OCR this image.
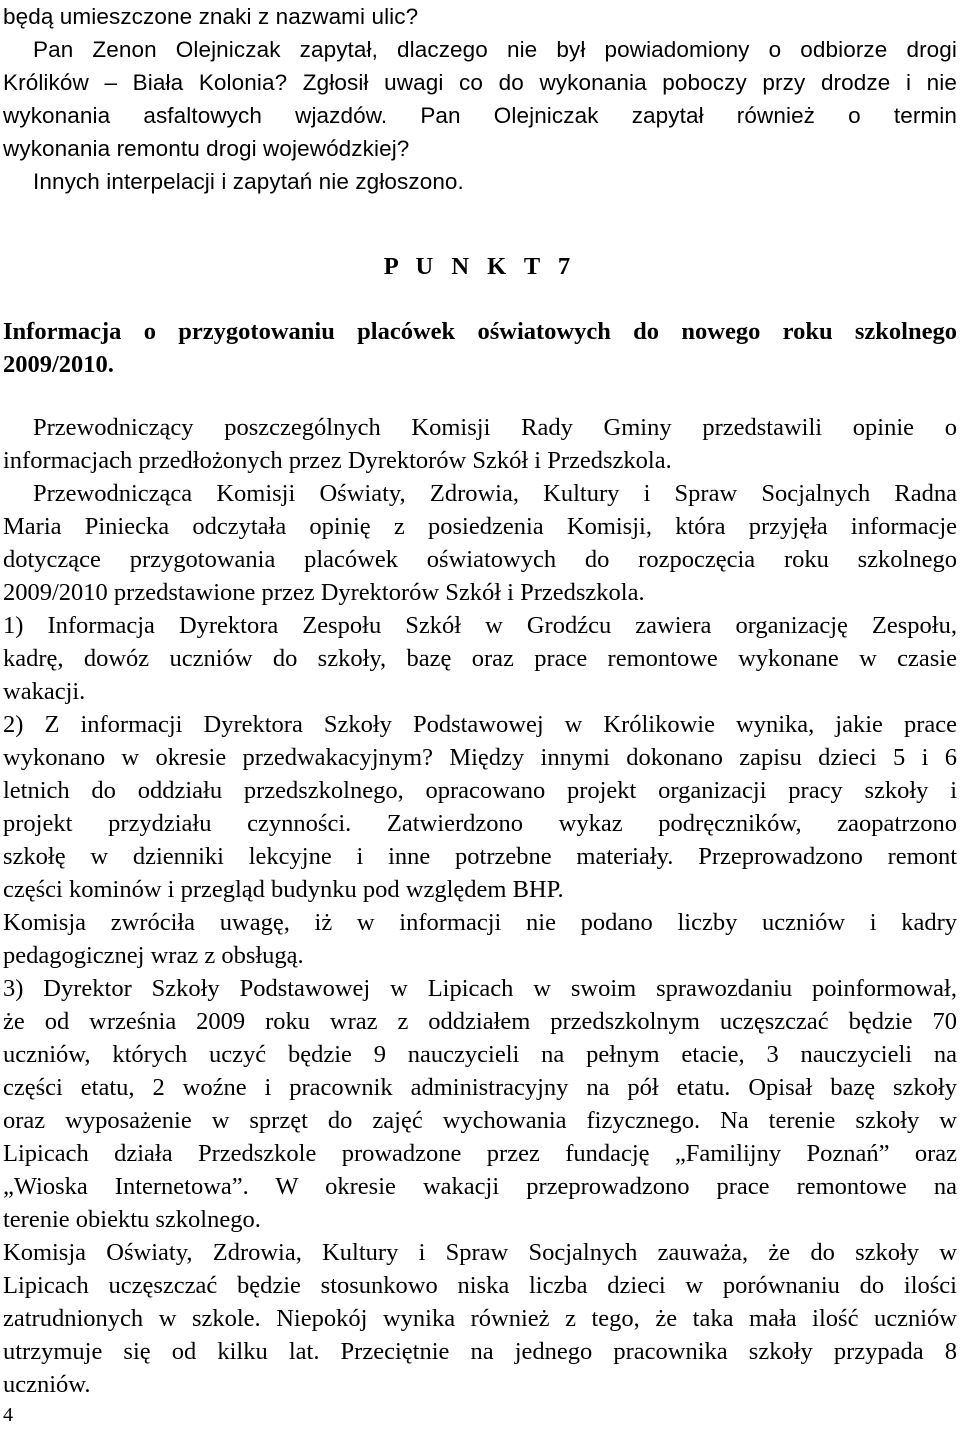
będą umieszczone znaki z nazwami ulic?
Pan Zenon Olejniczak zapytał, dlaczego nie był powiadomiony o odbiorze drogi
Królików – Biała Kolonia? Zgłosił uwagi co do wykonania poboczy przy drodze i nie
wykonania asfaltowych wjazdów. Pan Olejniczak zapytał również o termin
wykonania remontu drogi wojewódzkiej?
Innych interpelacji i zapytań nie zgłoszono.
P U N K T 7
Informacja o przygotowaniu placówek oświatowych do nowego roku szkolnego
2009/2010.
Przewodniczący poszczególnych Komisji Rady Gminy przedstawili opinie o
informacjach przedłożonych przez Dyrektorów Szkół i Przedszkola.
Przewodnicząca Komisji Oświaty, Zdrowia, Kultury i Spraw Socjalnych Radna
Maria Piniecka odczytała opinię z posiedzenia Komisji, która przyjęła informacje
dotyczące przygotowania placówek oświatowych do rozpoczęcia roku szkolnego
2009/2010 przedstawione przez Dyrektorów Szkół i Przedszkola.
1) Informacja Dyrektora Zespołu Szkół w Grodźcu zawiera organizację Zespołu,
kadrę, dowóz uczniów do szkoły, bazę oraz prace remontowe wykonane w czasie
wakacji.
2) Z informacji Dyrektora Szkoły Podstawowej w Królikowie wynika, jakie prace
wykonano w okresie przedwakacyjnym? Między innymi dokonano zapisu dzieci 5 i 6
letnich do oddziału przedszkolnego, opracowano projekt organizacji pracy szkoły i
projekt przydziału czynności. Zatwierdzono wykaz podręczników, zaopatrzono
szkołę w dzienniki lekcyjne i inne potrzebne materiały. Przeprowadzono remont
części kominów i przegląd budynku pod względem BHP.
Komisja zwróciła uwagę, iż w informacji nie podano liczby uczniów i kadry
pedagogicznej wraz z obsługą.
3) Dyrektor Szkoły Podstawowej w Lipicach w swoim sprawozdaniu poinformował,
że od września 2009 roku wraz z oddziałem przedszkolnym uczęszczać będzie 70
uczniów, których uczyć będzie 9 nauczycieli na pełnym etacie, 3 nauczycieli na
części etatu, 2 woźne i pracownik administracyjny na pół etatu. Opisał bazę szkoły
oraz wyposażenie w sprzęt do zajęć wychowania fizycznego. Na terenie szkoły w
Lipicach działa Przedszkole prowadzone przez fundację „Familijny Poznań” oraz
„Wioska Internetowa”. W okresie wakacji przeprowadzono prace remontowe na
terenie obiektu szkolnego.
Komisja Oświaty, Zdrowia, Kultury i Spraw Socjalnych zauważa, że do szkoły w
Lipicach uczęszczać będzie stosunkowo niska liczba dzieci w porównaniu do ilości
zatrudnionych w szkole. Niepokój wynika również z tego, że taka mała ilość uczniów
utrzymuje się od kilku lat. Przeciętnie na jednego pracownika szkoły przypada 8
uczniów.
4
